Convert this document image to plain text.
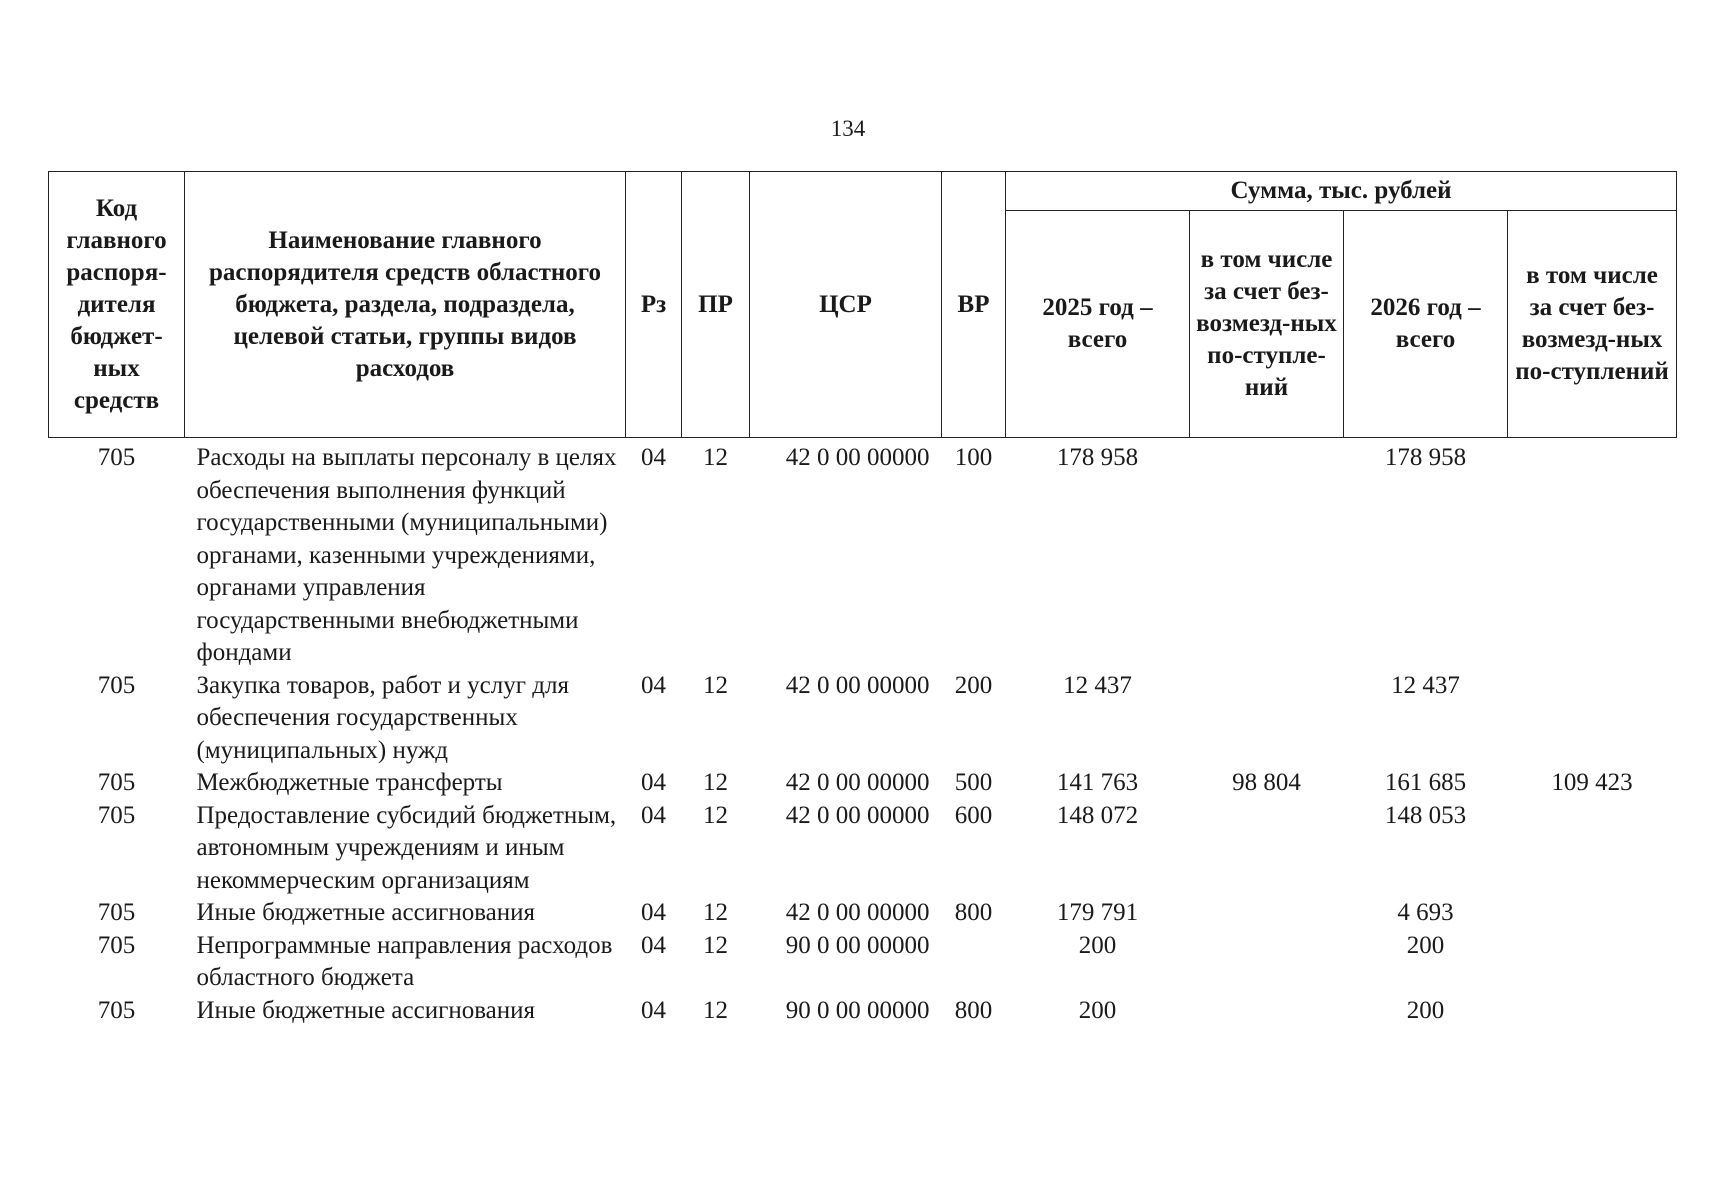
134
Код главного распоря-дителя бюджет-ных средств	Наименование главного распорядителя средств областного бюджета, раздела, подраздела, целевой статьи, группы видов расходов	Рз	ПР	ЦСР	ВР	Сумма, тыс. рублей			
						2025 год – всего	в том числе за счет без-возмезд-ных по-ступле-ний	2026 год – всего	в том числе за счет без-возмезд-ных по-ступлений
705	Расходы на выплаты персоналу в целях обеспечения выполнения функций государственными (муниципальными) органами, казенными учреждениями, органами управления государственными внебюджетными фондами	04	12	42 0 00 00000	100	178 958		178 958	
705	Закупка товаров, работ и услуг для обеспечения государственных (муниципальных) нужд	04	12	42 0 00 00000	200	12 437		12 437	
705	Межбюджетные трансферты	04	12	42 0 00 00000	500	141 763	98 804	161 685	109 423
705	Предоставление субсидий бюджетным, автономным учреждениям и иным некоммерческим организациям	04	12	42 0 00 00000	600	148 072		148 053	
705	Иные бюджетные ассигнования	04	12	42 0 00 00000	800	179 791		4 693	
705	Непрограммные направления расходов областного бюджета	04	12	90 0 00 00000		200		200	
705	Иные бюджетные ассигнования	04	12	90 0 00 00000	800	200		200	
